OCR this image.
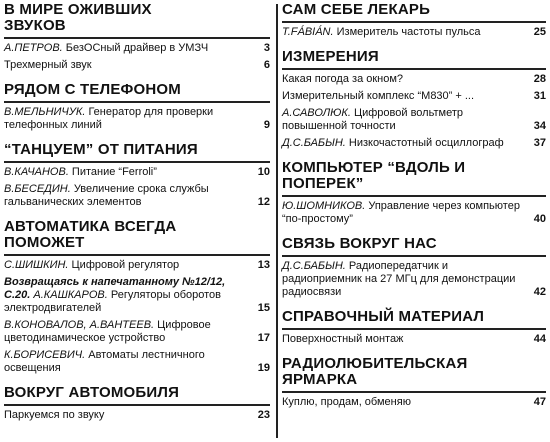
В МИРЕ ОЖИВШИХ ЗВУКОВ
А.ПЕТРОВ. БезОСный драйвер в УМЗЧ	3
Трехмерный звук	6
РЯДОМ С ТЕЛЕФОНОМ
В.МЕЛЬНИЧУК. Генератор для проверки телефонных линий	9
“ТАНЦУЕМ” ОТ ПИТАНИЯ
В.КАЧАНОВ. Питание “Ferroli”	10
В.БЕСЕДИН. Увеличение срока службы гальванических элементов	12
АВТОМАТИКА ВСЕГДА ПОМОЖЕТ
С.ШИШКИН. Цифровой регулятор	13
Возвращаясь к напечатанному №12/12, С.20. А.КАШКАРОВ. Регуляторы оборотов электродвигателей	15
В.КОНОВАЛОВ, А.ВАНТЕЕВ. Цифровое цветодинамическое устройство	17
К.БОРИСЕВИЧ. Автоматы лестничного освещения	19
ВОКРУГ АВТОМОБИЛЯ
Паркуемся по звуку	23
САМ СЕБЕ ЛЕКАРЬ
T.FÁBIÁN. Измеритель частоты пульса	25
ИЗМЕРЕНИЯ
Какая погода за окном?	28
Измерительный комплекс “М830” + ...	31
А.САВОЛЮК. Цифровой вольтметр повышенной точности	34
Д.С.БАБЫН. Низкочастотный осциллограф	37
КОМПЬЮТЕР “ВДОЛЬ И ПОПЕРЕК”
Ю.ШОМНИКОВ. Управление через компьютер “по-простому”	40
СВЯЗЬ ВОКРУГ НАС
Д.С.БАБЫН. Радиопередатчик и радиоприемник на 27 МГц для демонстрации радиосвязи	42
СПРАВОЧНЫЙ МАТЕРИАЛ
Поверхностный монтаж	44
РАДИОЛЮБИТЕЛЬСКАЯ ЯРМАРКА
Куплю, продам, обменяю	47
